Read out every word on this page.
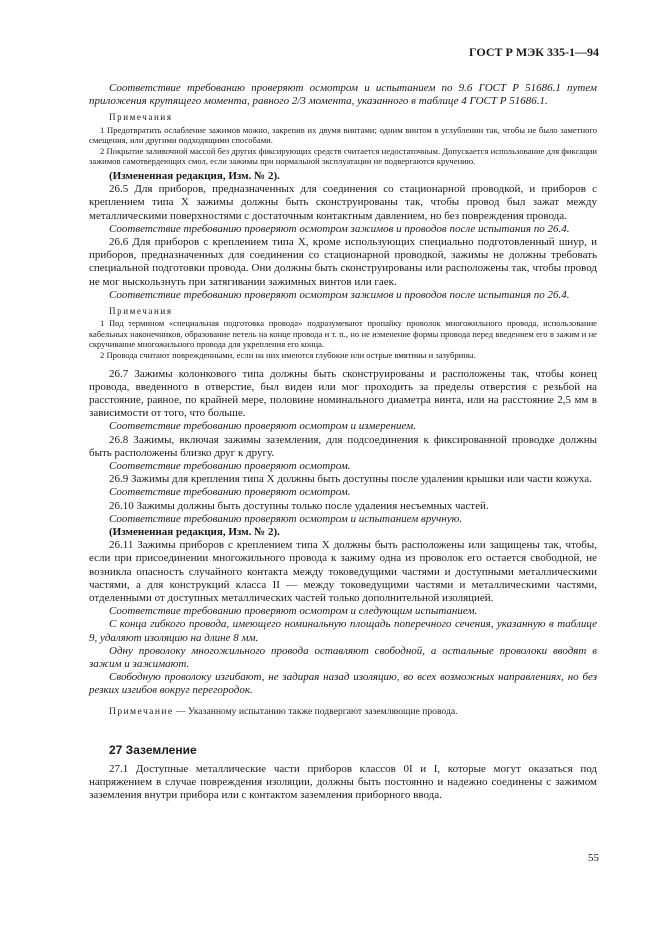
ГОСТ Р МЭК 335-1—94

Соответствие требованию проверяют осмотром и испытанием по 9.6 ГОСТ Р 51686.1 путем приложения крутящего момента, равного 2/3 момента, указанного в таблице 4 ГОСТ Р 51686.1.

Примечания

1 Предотвратить ослабление зажимов можно, закрепив их двумя винтами; одним винтом в углублении так, чтобы не было заметного смещения, или другими подходящими способами.

2 Покрытие заливочной массой без других фиксирующих средств считается недостаточным. Допускается использование для фиксации зажимов самотвердеющих смол, если зажимы при нормальной эксплуатации не подвергаются кручению.

(Измененная редакция, Изм. № 2).

26.5 Для приборов, предназначенных для соединения со стационарной проводкой, и приборов с креплением типа X зажимы должны быть сконструированы так, чтобы провод был зажат между металлическими поверхностями с достаточным контактным давлением, но без повреждения провода.

Соответствие требованию проверяют осмотром зажимов и проводов после испытания по 26.4.

26.6 Для приборов с креплением типа X, кроме использующих специально подготовленный шнур, и приборов, предназначенных для соединения со стационарной проводкой, зажимы не должны требовать специальной подготовки провода. Они должны быть сконструированы или расположены так, чтобы провод не мог выскользнуть при затягивании зажимных винтов или гаек.

Соответствие требованию проверяют осмотром зажимов и проводов после испытания по 26.4.

Примечания

1 Под термином «специальная подготовка провода» подразумевают пропайку проволок многожильного провода, использование кабельных наконечников, образование петель на конце провода и т. п., но не изменение формы провода перед введением его в зажим и не скручивание многожильного провода для укрепления его конца.

2 Провода считают поврежденными, если на них имеются глубокие или острые вмятины и зазубрины.

26.7 Зажимы колонкового типа должны быть сконструированы и расположены так, чтобы конец провода, введенного в отверстие, был виден или мог проходить за пределы отверстия с резьбой на расстояние, равное, по крайней мере, половине номинального диаметра винта, или на расстояние 2,5 мм в зависимости от того, что больше.

Соответствие требованию проверяют осмотром и измерением.

26.8 Зажимы, включая зажимы заземления, для подсоединения к фиксированной проводке должны быть расположены близко друг к другу.

Соответствие требованию проверяют осмотром.

26.9 Зажимы для крепления типа X должны быть доступны после удаления крышки или части кожуха.

Соответствие требованию проверяют осмотром.

26.10 Зажимы должны быть доступны только после удаления несъемных частей.

Соответствие требованию проверяют осмотром и испытанием вручную.

(Измененная редакция, Изм. № 2).

26.11 Зажимы приборов с креплением типа X должны быть расположены или защищены так, чтобы, если при присоединении многожильного провода к зажиму одна из проволок его остается свободной, не возникла опасность случайного контакта между токоведущими частями и доступными металлическими частями, а для конструкций класса II — между токоведущими частями и металлическими частями, отделенными от доступных металлических частей только дополнительной изоляцией.

Соответствие требованию проверяют осмотром и следующим испытанием.

С конца гибкого провода, имеющего номинальную площадь поперечного сечения, указанную в таблице 9, удаляют изоляцию на длине 8 мм.

Одну проволоку многожильного провода оставляют свободной, а остальные проволоки вводят в зажим и зажимают.

Свободную проволоку изгибают, не задирая назад изоляцию, во всех возможных направлениях, но без резких изгибов вокруг перегородок.

Примечание — Указанному испытанию также подвергают заземляющие провода.

27 Заземление

27.1 Доступные металлические части приборов классов 0I и I, которые могут оказаться под напряжением в случае повреждения изоляции, должны быть постоянно и надежно соединены с зажимом заземления внутри прибора или с контактом заземления приборного ввода.

55
